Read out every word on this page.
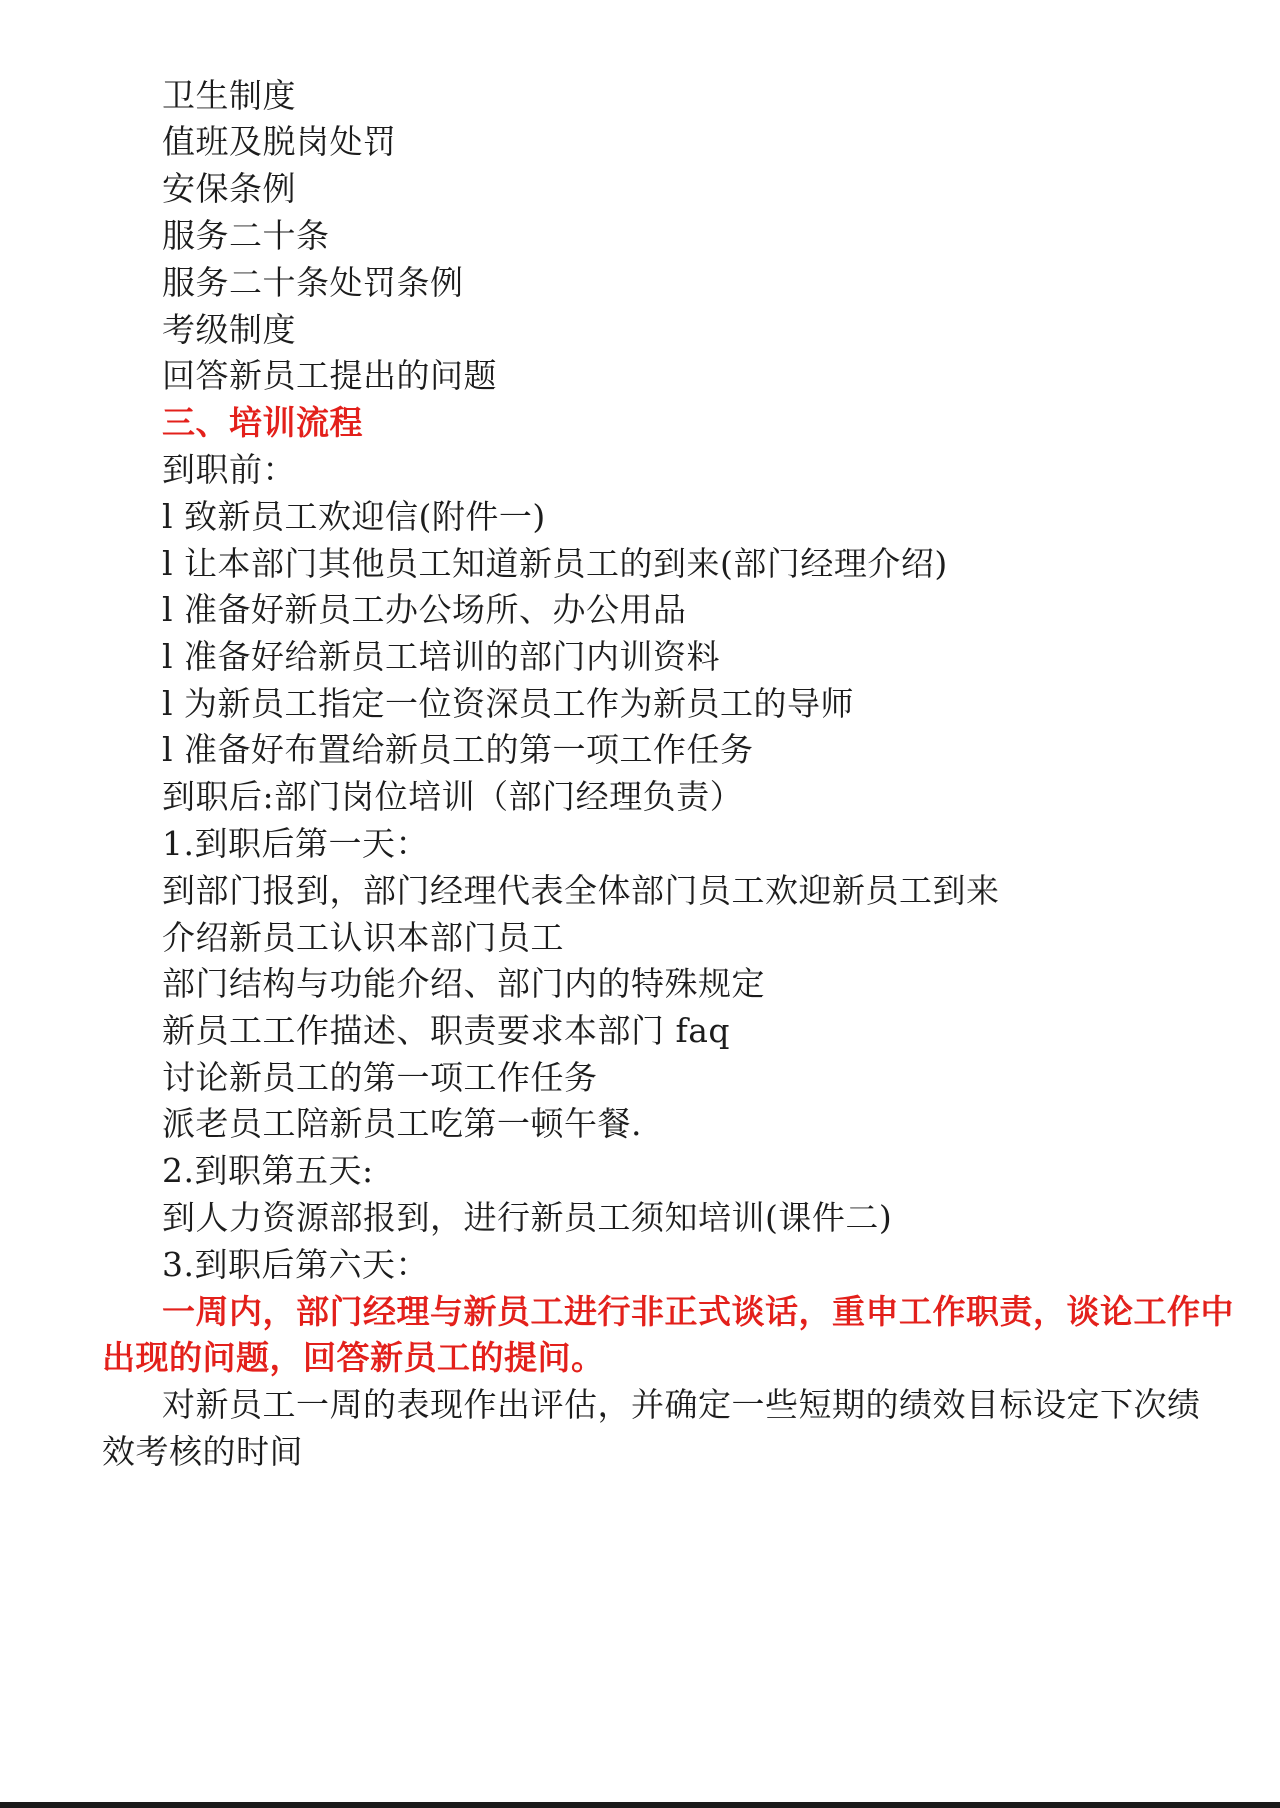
卫生制度
值班及脱岗处罚
安保条例
服务二十条
服务二十条处罚条例
考级制度
回答新员工提出的问题
三、培训流程
到职前：
l 致新员工欢迎信(附件一)
l 让本部门其他员工知道新员工的到来(部门经理介绍)
l 准备好新员工办公场所、办公用品
l 准备好给新员工培训的部门内训资料
l 为新员工指定一位资深员工作为新员工的导师
l 准备好布置给新员工的第一项工作任务
到职后:部门岗位培训（部门经理负责）
1.到职后第一天：
到部门报到，部门经理代表全体部门员工欢迎新员工到来
介绍新员工认识本部门员工
部门结构与功能介绍、部门内的特殊规定
新员工工作描述、职责要求本部门 faq
讨论新员工的第一项工作任务
派老员工陪新员工吃第一顿午餐.
2.到职第五天:
到人力资源部报到，进行新员工须知培训(课件二)
3.到职后第六天：
一周内，部门经理与新员工进行非正式谈话，重申工作职责，谈论工作中
出现的问题，回答新员工的提问。
对新员工一周的表现作出评估，并确定一些短期的绩效目标设定下次绩
效考核的时间
